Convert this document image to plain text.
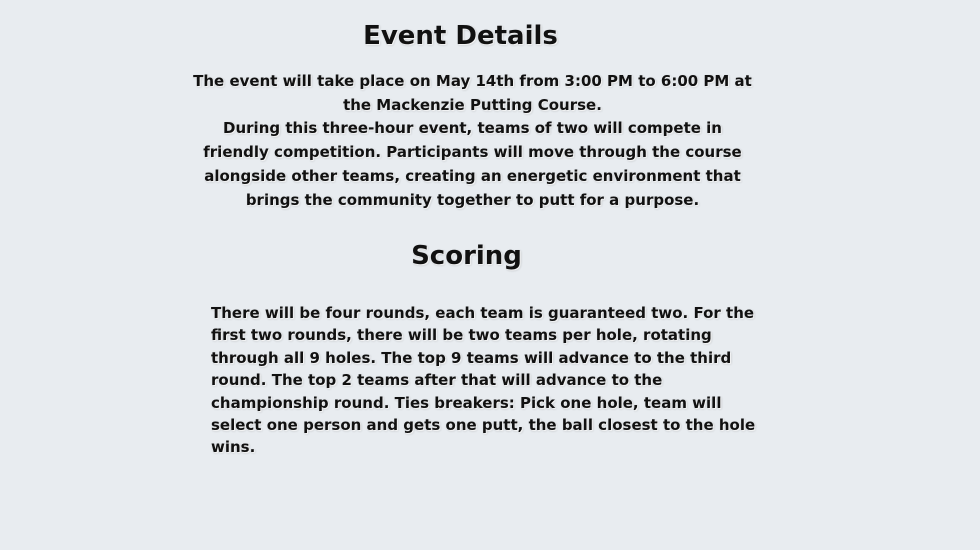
Event Details

The event will take place on May 14th from 3:00 PM to 6:00 PM at the Mackenzie Putting Course.

During this three-hour event, teams of two will compete in friendly competition. Participants will move through the course alongside other teams, creating an energetic environment that brings the community together to putt for a purpose.

Scoring

There will be four rounds, each team is guaranteed two. For the first two rounds, there will be two teams per hole, rotating through all 9 holes. The top 9 teams will advance to the third round. The top 2 teams after that will advance to the championship round. Ties breakers: Pick one hole, team will select one person and gets one putt, the ball closest to the hole wins.
